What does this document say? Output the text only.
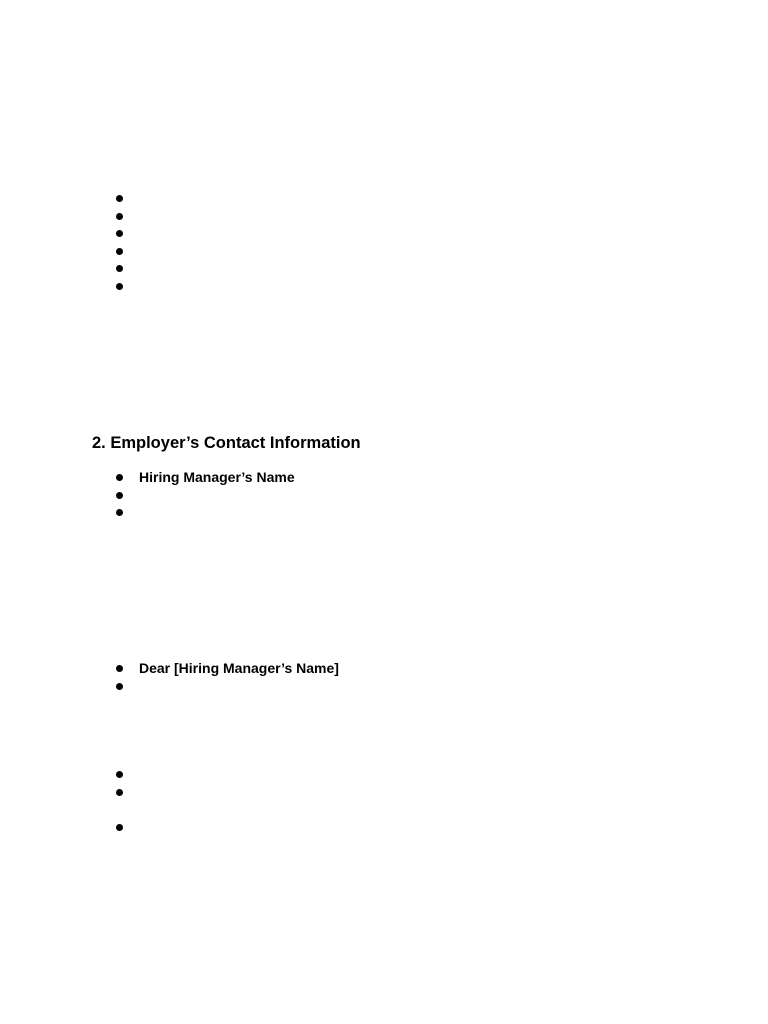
2. Employer’s Contact Information
Hiring Manager’s Name
Dear [Hiring Manager’s Name]
